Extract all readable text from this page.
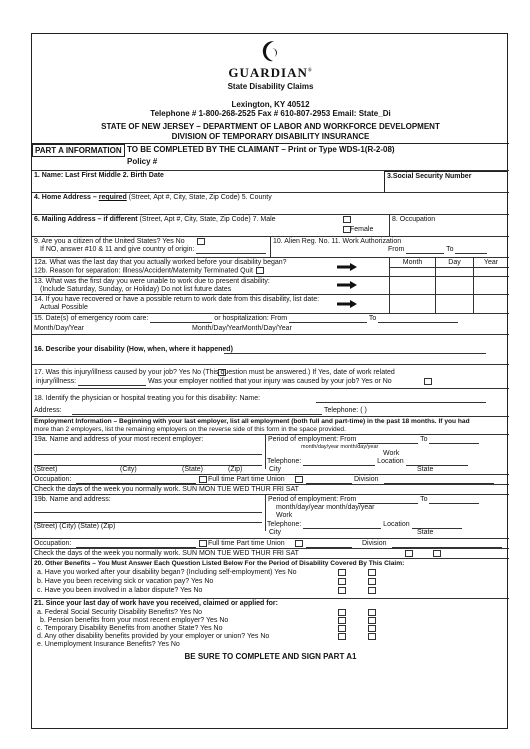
GUARDIAN®
State Disability Claims
Lexington, KY 40512
Telephone # 1-800-268-2525 Fax # 610-807-2953 Email: State_Di
STATE OF NEW JERSEY – DEPARTMENT OF LABOR AND WORKFORCE DEVELOPMENT
DIVISION OF TEMPORARY DISABILITY INSURANCE
PART A INFORMATION TO BE COMPLETED BY THE CLAIMANT – Print or Type WDS-1(R-2-08)
Policy #
1. Name: Last First Middle 2. Birth Date	3.Social Security Number
4. Home Address – required (Street, Apt #, City, State, Zip Code) 5. County
6. Mailing Address – if different (Street, Apt #, City, State, Zip Code) 7. Male
Female
8. Occupation
9. Are you a citizen of the United States? Yes No
If NO, answer #10 & 11 and give country of origin:
10. Alien Reg. No. 11. Work Authorization
From	To
12a. What was the last day that you actually worked before your disability began?
12b. Reason for separation: Illness/Accident/Maternity Terminated Quit
Month	Day	Year
13. What was the first day you were unable to work due to present disability:
(Include Saturday, Sunday, or Holiday) Do not list future dates
14. If you have recovered or have a possible return to work date from this disability, list date:
Actual Possible
15. Date(s) of emergency room care:	or hospitalization: From	To
Month/Day/Year	Month/Day/YearMonth/Day/Year
16. Describe your disability (How, when, where it happened)
17. Was this injury/illness caused by your job? Yes No (This question must be answered.) If Yes, date of work related
injury/illness:	Was your employer notified that your injury was caused by your job? Yes or No
18. Identify the physician or hospital treating you for this disability: Name:
Address:	Telephone: ( )
Employment Information – Beginning with your last employer, list all employment (both full and part-time) in the past 18 months. If you had
more than 2 employers, list the remaining employers on the reverse side of this form in the space provided.
19a. Name and address of your most recent employer:
(Street)	(City)	(State)	(Zip)
Period of employment: From	To
month/day/year month/day/year
Work
Telephone:	Location
City	State
Occupation:	Full time Part time Union	Division
Check the days of the week you normally work. SUN MON TUE WED THUR FRI SAT
19b. Name and address:
(Street) (City) (State) (Zip)
Period of employment: From	To
month/day/year month/day/year
Work
Telephone:	Location
City	State
Occupation:	Full time Part time Union	Division
Check the days of the week you normally work. SUN MON TUE WED THUR FRI SAT
20. Other Benefits – You Must Answer Each Question Listed Below For the Period of Disability Covered By This Claim:
a. Have you worked after your disability began? (Including self-employment) Yes No
b. Have you been receiving sick or vacation pay? Yes No
c. Have you been involved in a labor dispute? Yes No
21. Since your last day of work have you received, claimed or applied for:
a. Federal Social Security Disability Benefits? Yes No
b. Pension benefits from your most recent employer? Yes No
c. Temporary Disability Benefits from another State? Yes No
d. Any other disability benefits provided by your employer or union? Yes No
e. Unemployment Insurance Benefits? Yes No
BE SURE TO COMPLETE AND SIGN PART A1
